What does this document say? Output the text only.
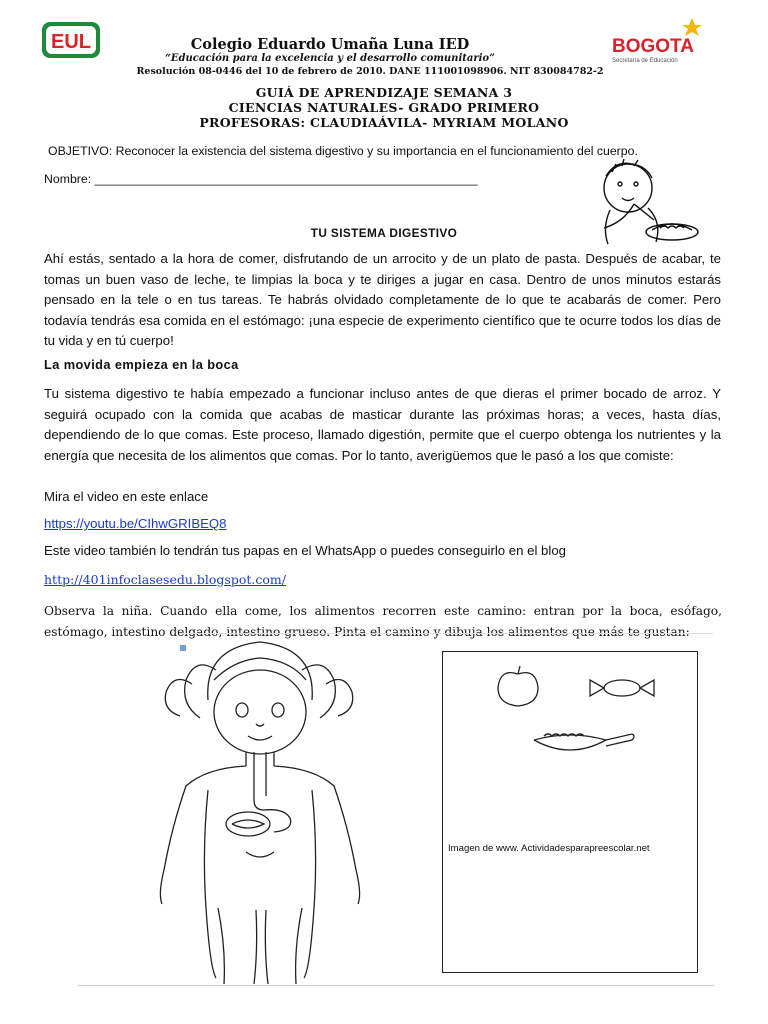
EUL	Colegio Eduardo Umaña Luna IED
“Educación para la excelencia y el desarrollo comunitario”
Resolución 08-0446 del 10 de febrero de 2010. DANE 111001098906. NIT 830084782-2
BOGOTA
Secretaría de Educación
GUIÁ DE APRENDIZAJE SEMANA 3
CIENCIAS NATURALES- GRADO PRIMERO
PROFESORAS: CLAUDIAÁVILA- MYRIAM MOLANO
OBJETIVO: Reconocer la existencia del sistema digestivo y su importancia en el funcionamiento del cuerpo.
Nombre: ________________________________________________________
TU SISTEMA DIGESTIVO

Ahí estás, sentado a la hora de comer, disfrutando de un arrocito y de un plato de pasta. Después de acabar, te tomas un buen vaso de leche, te limpias la boca y te diriges a jugar en casa. Dentro de unos minutos estarás pensado en la tele o en tus tareas. Te habrás olvidado completamente de lo que te acabarás de comer. Pero todavía tendrás esa comida en el estómago: ¡una especie de experimento científico que te ocurre todos los días de tu vida y en tú cuerpo!

La movida empieza en la boca

Tu sistema digestivo te había empezado a funcionar incluso antes de que dieras el primer bocado de arroz. Y seguirá ocupado con la comida que acabas de masticar durante las próximas horas; a veces, hasta días, dependiendo de lo que comas. Este proceso, llamado digestión, permite que el cuerpo obtenga los nutrientes y la energía que necesita de los alimentos que comas. Por lo tanto, averigüemos que le pasó a los que comiste:

Mira el video en este enlace
https://youtu.be/CIhwGRIBEQ8
Este video también lo tendrán tus papas en el WhatsApp o puedes conseguirlo en el blog
http://401infoclasesedu.blogspot.com/

Observa la niña. Cuando ella come, los alimentos recorren este camino: entran por la boca, esófago, estómago, intestino delgado, intestino grueso. Pinta el camino y dibuja los alimentos que más te gustan:

Imagen de www. Actividadesparapreescolar.net
